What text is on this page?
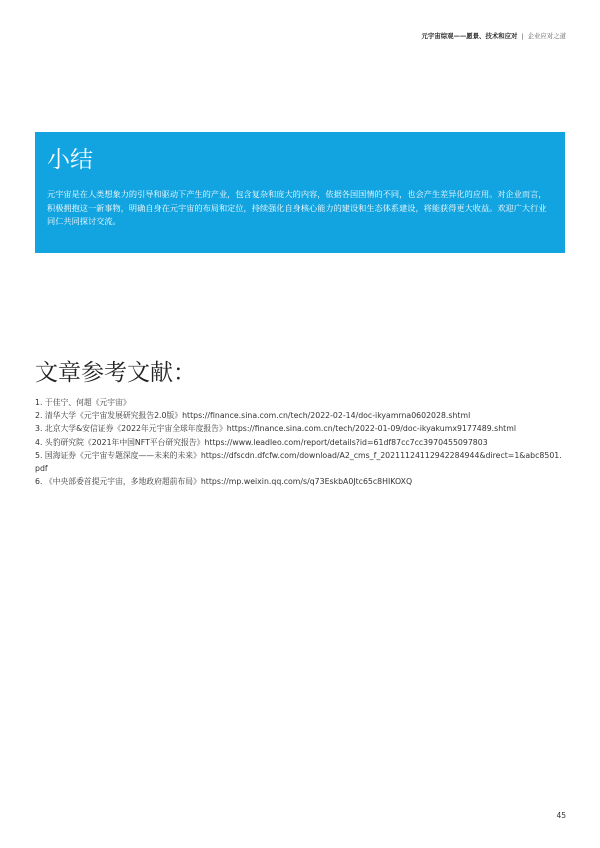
元宇宙综观——愿景、技术和应对 | 企业应对之道
小结
元宇宙是在人类想象力的引导和驱动下产生的产业，包含复杂和庞大的内容，依据各国国情的不同，也会产生差异化的应用。对企业而言，积极拥抱这一新事物，明确自身在元宇宙的布局和定位，持续强化自身核心能力的建设和生态体系建设，将能获得更大收益。欢迎广大行业同仁共同探讨交流。
文章参考文献：
1. 于佳宁、何超《元宇宙》
2. 清华大学《元宇宙发展研究报告2.0版》https://finance.sina.com.cn/tech/2022-02-14/doc-ikyamrna0602028.shtml
3. 北京大学&安信证券《2022年元宇宙全球年度报告》https://finance.sina.com.cn/tech/2022-01-09/doc-ikyakumx9177489.shtml
4. 头豹研究院《2021年中国NFT平台研究报告》https://www.leadleo.com/report/details?id=61df87cc7cc3970455097803
5. 国海证券《元宇宙专题深度——未来的未来》https://dfscdn.dfcfw.com/download/A2_cms_f_20211124112942284944&direct=1&abc8501.pdf
6. 《中央部委首提元宇宙，多地政府超前布局》https://mp.weixin.qq.com/s/q73EskbA0Jtc65c8HIKOXQ
45
